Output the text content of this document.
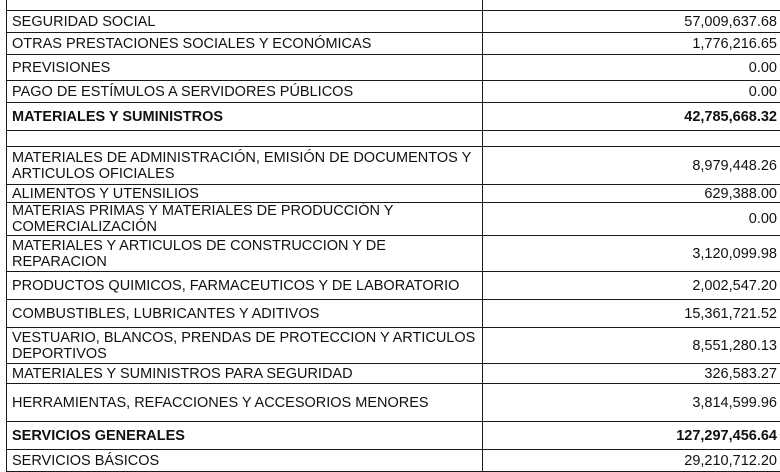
SEGURIDAD SOCIAL	57,009,637.68

OTRAS PRESTACIONES SOCIALES Y ECONÓMICAS	1,776,216.65

PREVISIONES	0.00

PAGO DE ESTÍMULOS A SERVIDORES PÚBLICOS	0.00

MATERIALES Y SUMINISTROS	42,785,668.32

MATERIALES DE ADMINISTRACIÓN, EMISIÓN DE DOCUMENTOS Y ARTICULOS OFICIALES	8,979,448.26

ALIMENTOS Y UTENSILIOS	629,388.00

MATERIAS PRIMAS Y MATERIALES DE PRODUCCIÓN Y COMERCIALIZACIÓN	0.00

MATERIALES Y ARTICULOS DE CONSTRUCCION Y DE REPARACION	3,120,099.98

PRODUCTOS QUIMICOS, FARMACEUTICOS Y DE LABORATORIO	2,002,547.20

COMBUSTIBLES, LUBRICANTES Y ADITIVOS	15,361,721.52

VESTUARIO, BLANCOS, PRENDAS DE PROTECCION Y ARTICULOS DEPORTIVOS	8,551,280.13

MATERIALES Y SUMINISTROS PARA SEGURIDAD	326,583.27

HERRAMIENTAS, REFACCIONES Y ACCESORIOS MENORES	3,814,599.96

SERVICIOS GENERALES	127,297,456.64

SERVICIOS BÁSICOS	29,210,712.20
